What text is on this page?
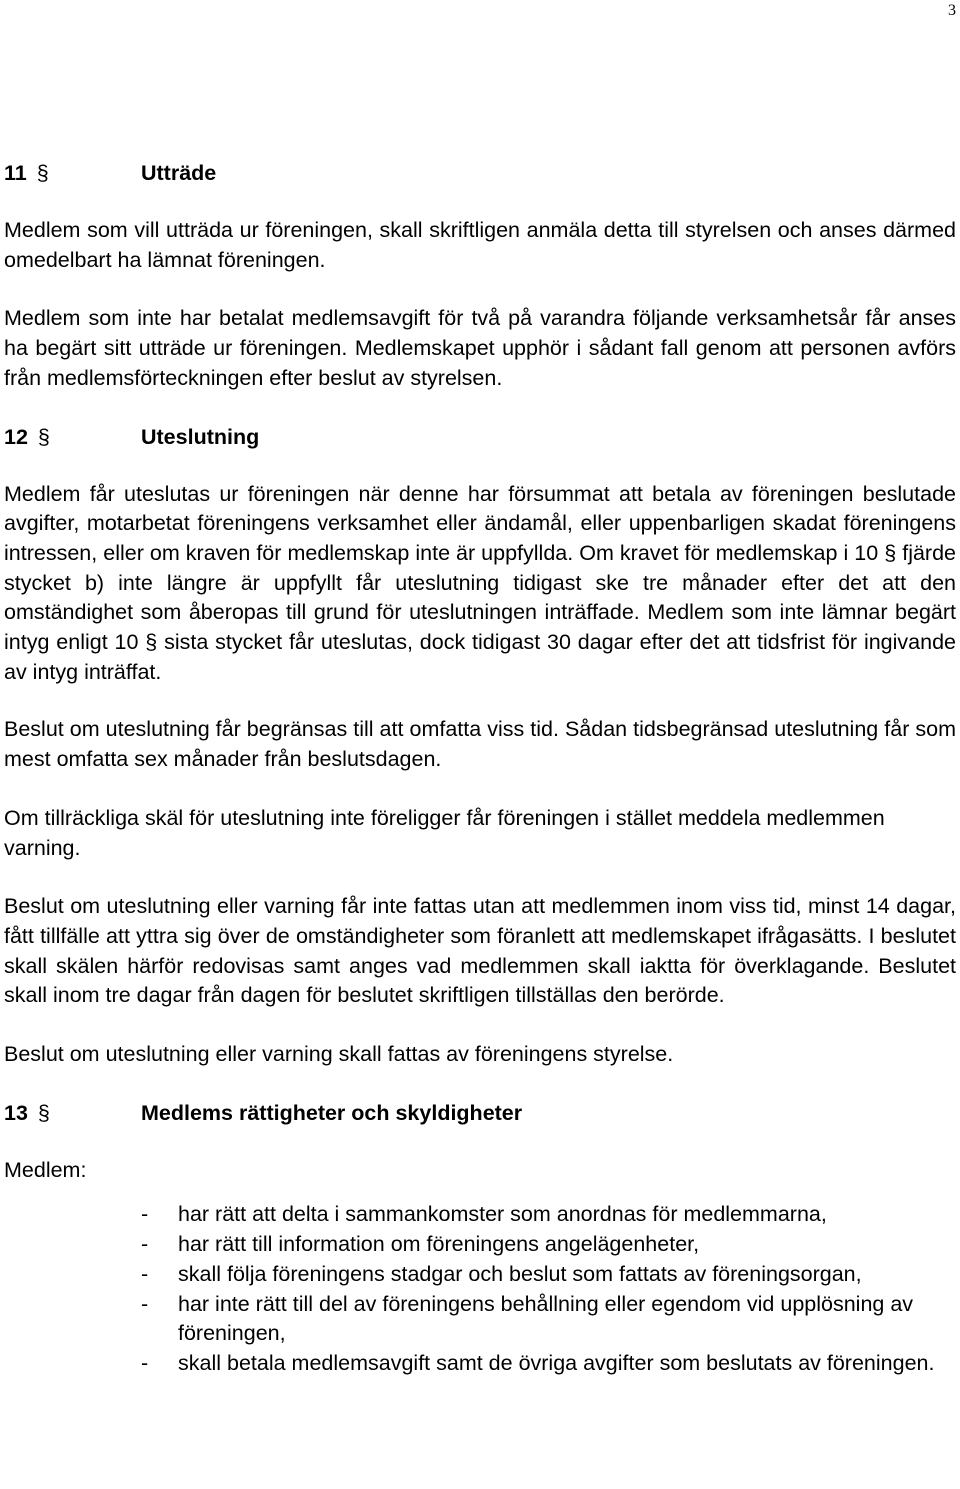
3
11 §	Utträde

Medlem som vill utträda ur föreningen, skall skriftligen anmäla detta till styrelsen och anses därmed omedelbart ha lämnat föreningen.

Medlem som inte har betalat medlemsavgift för två på varandra följande verksamhetsår får anses ha begärt sitt utträde ur föreningen. Medlemskapet upphör i sådant fall genom att personen avförs från medlemsförteckningen efter beslut av styrelsen.

12 §	Uteslutning

Medlem får uteslutas ur föreningen när denne har försummat att betala av föreningen beslutade avgifter, motarbetat föreningens verksamhet eller ändamål, eller uppenbarligen skadat föreningens intressen, eller om kraven för medlemskap inte är uppfyllda. Om kravet för medlemskap i 10 § fjärde stycket b) inte längre är uppfyllt får uteslutning tidigast ske tre månader efter det att den omständighet som åberopas till grund för uteslutningen inträffade. Medlem som inte lämnar begärt intyg enligt 10 § sista stycket får uteslutas, dock tidigast 30 dagar efter det att tidsfrist för ingivande av intyg inträffat.

Beslut om uteslutning får begränsas till att omfatta viss tid. Sådan tidsbegränsad uteslutning får som mest omfatta sex månader från beslutsdagen.

Om tillräckliga skäl för uteslutning inte föreligger får föreningen i stället meddela medlemmen varning.

Beslut om uteslutning eller varning får inte fattas utan att medlemmen inom viss tid, minst 14 dagar, fått tillfälle att yttra sig över de omständigheter som föranlett att medlemskapet ifrågasätts. I beslutet skall skälen härför redovisas samt anges vad medlemmen skall iaktta för överklagande. Beslutet skall inom tre dagar från dagen för beslutet skriftligen tillställas den berörde.

Beslut om uteslutning eller varning skall fattas av föreningens styrelse.

13 §	Medlems rättigheter och skyldigheter

Medlem:

- har rätt att delta i sammankomster som anordnas för medlemmarna,
- har rätt till information om föreningens angelägenheter,
- skall följa föreningens stadgar och beslut som fattats av föreningsorgan,
- har inte rätt till del av föreningens behållning eller egendom vid upplösning av föreningen,
- skall betala medlemsavgift samt de övriga avgifter som beslutats av föreningen.
